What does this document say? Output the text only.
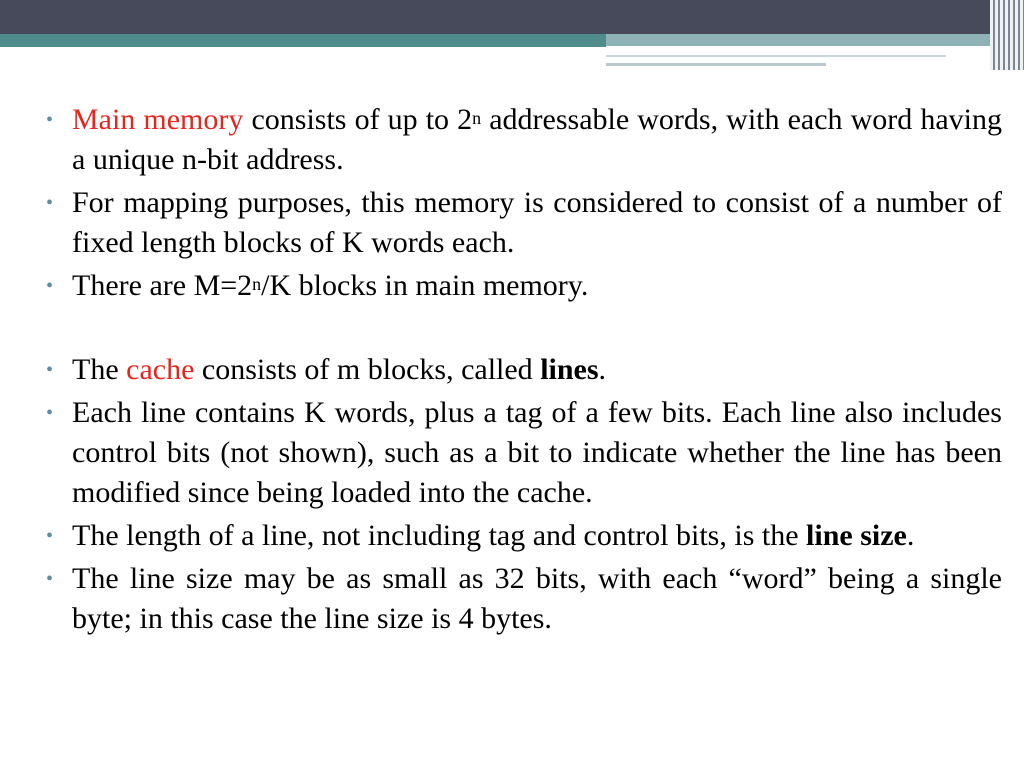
• Main memory consists of up to 2$^n$ addressable words, with each word having a unique n-bit address.
• For mapping purposes, this memory is considered to consist of a number of fixed length blocks of K words each.
• There are $M=2^n/K$ blocks in main memory.
• The cache consists of m blocks, called lines.
• Each line contains K words, plus a tag of a few bits. Each line also includes control bits (not shown), such as a bit to indicate whether the line has been modified since being loaded into the cache.
• The length of a line, not including tag and control bits, is the line size.
• The line size may be as small as 32 bits, with each “word” being a single byte; in this case the line size is 4 bytes.
